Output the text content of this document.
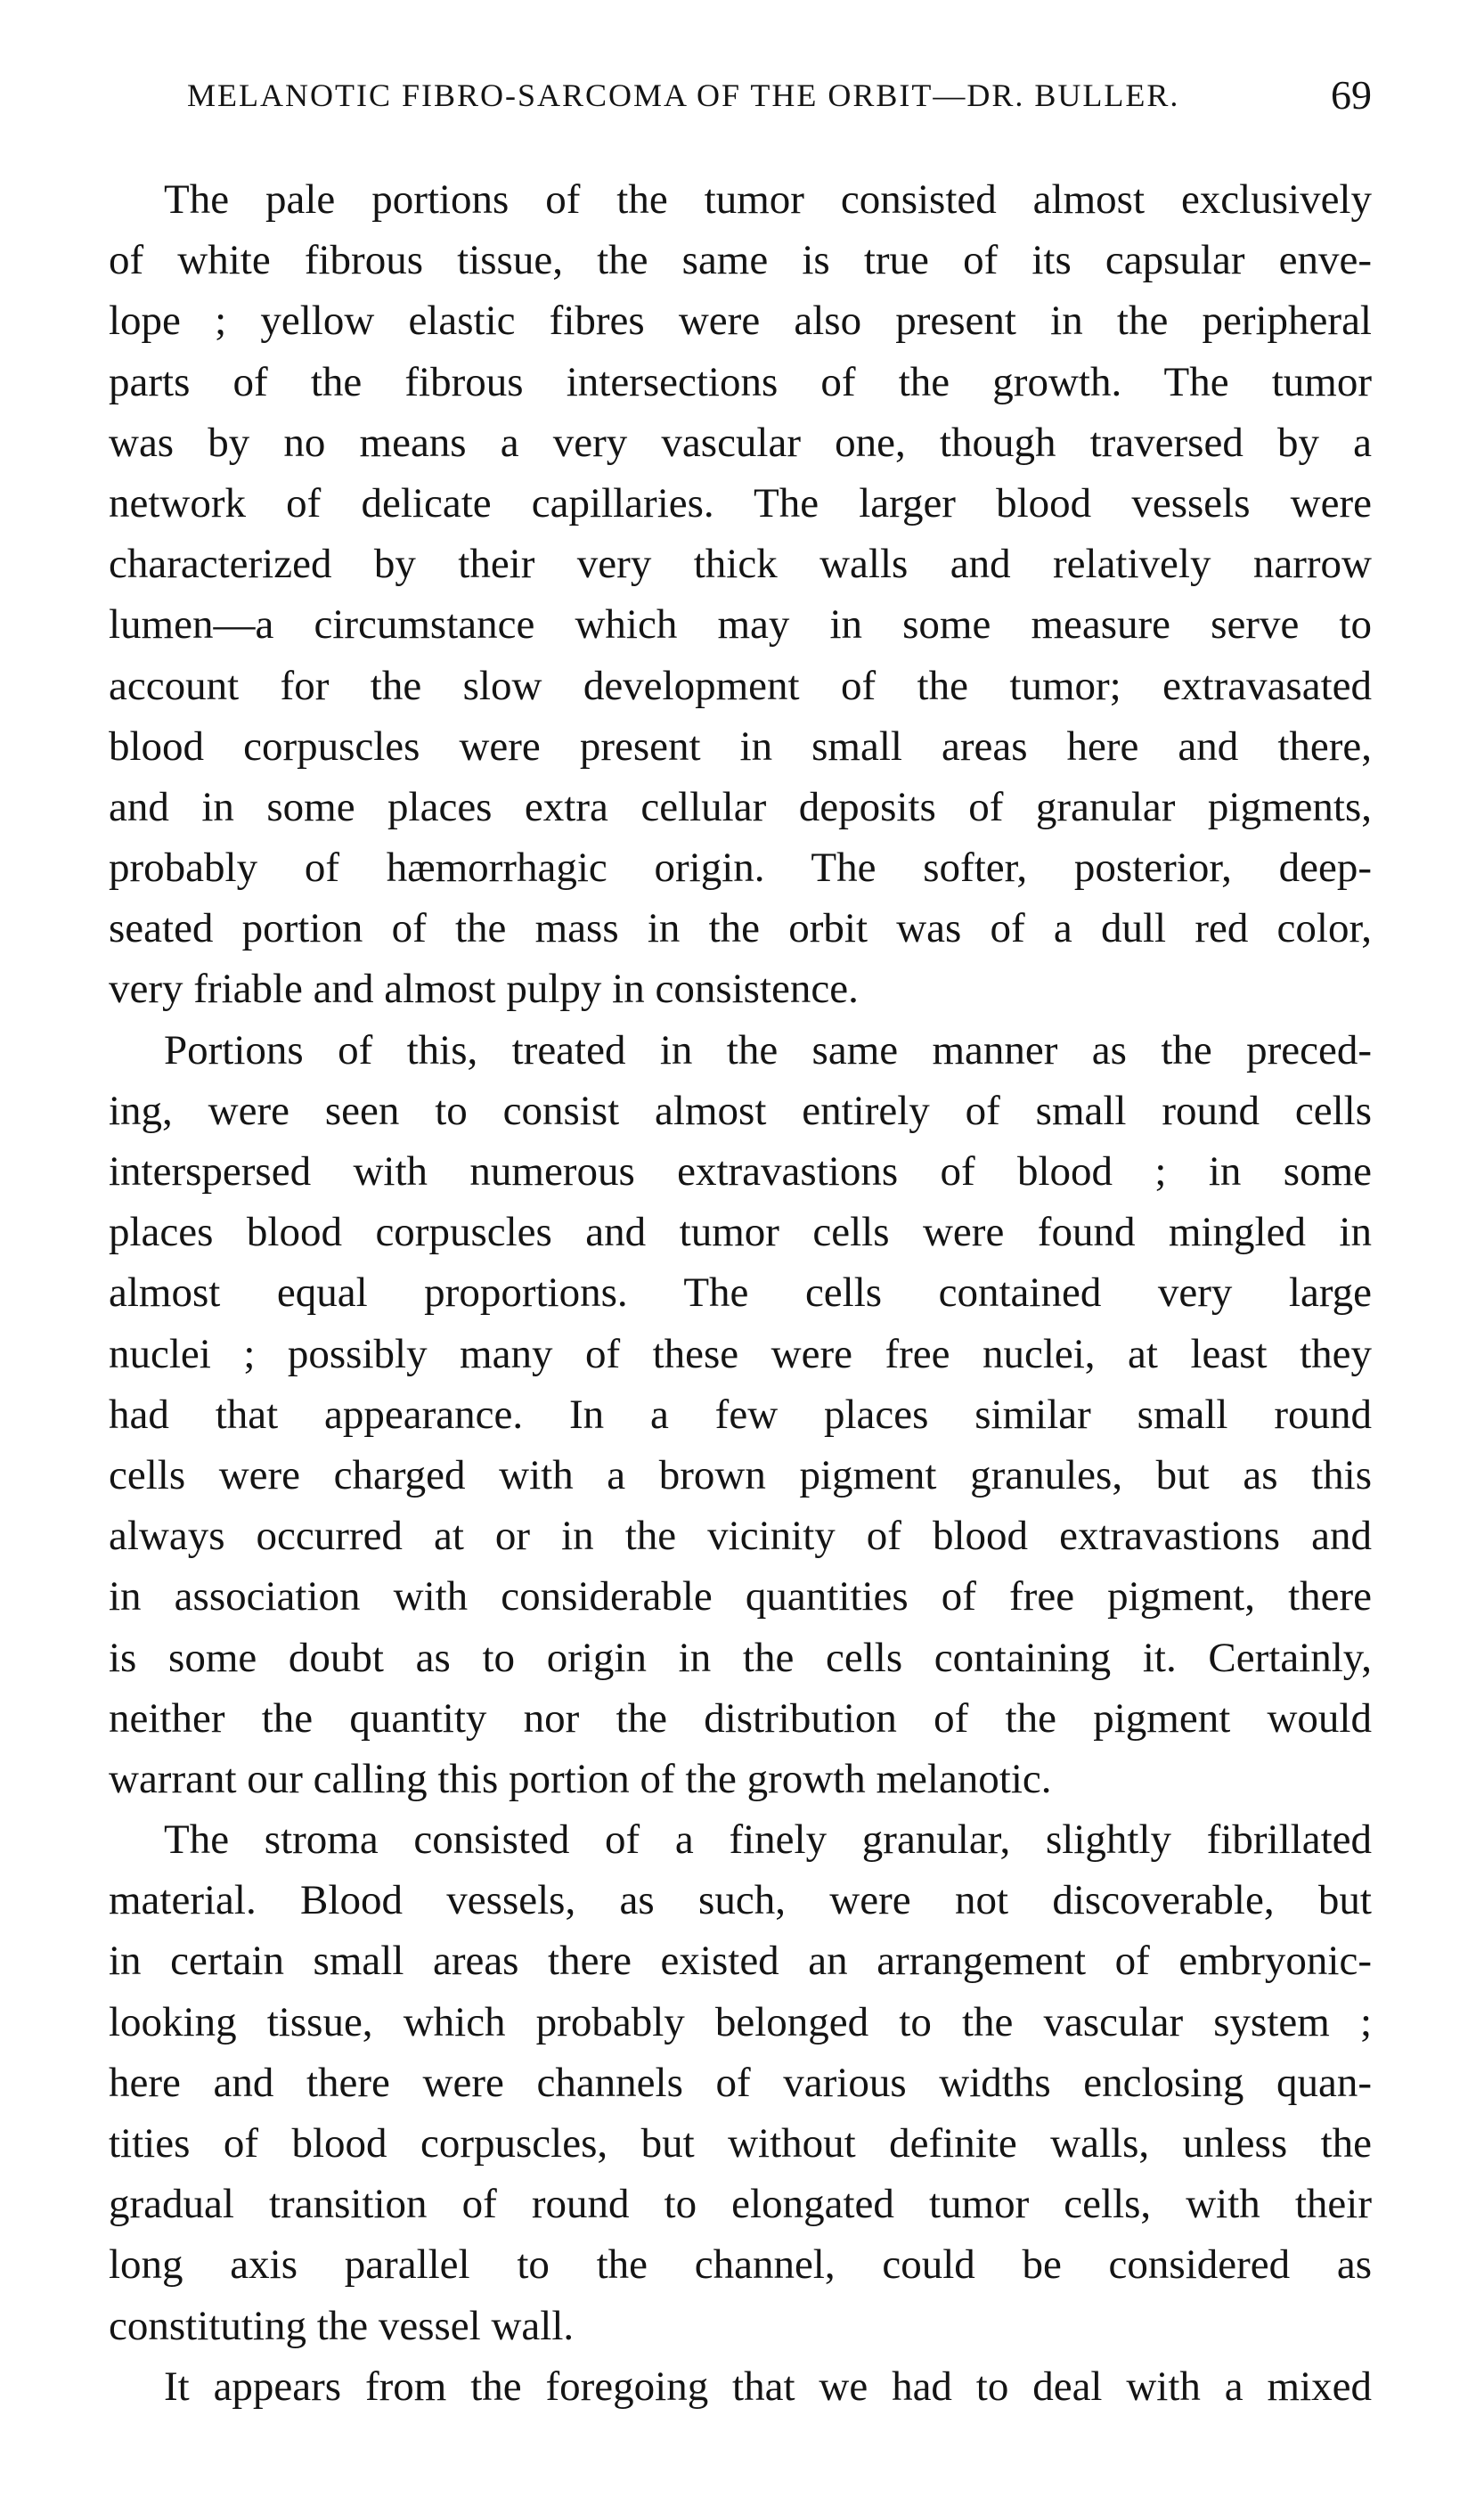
MELANOTIC FIBRO-SARCOMA OF THE ORBIT—DR. BULLER.	69
The pale portions of the tumor consisted almost exclusively
of white fibrous tissue, the same is true of its capsular enve-
lope ; yellow elastic fibres were also present in the peripheral
parts of the fibrous intersections of the growth. The tumor
was by no means a very vascular one, though traversed by a
network of delicate capillaries. The larger blood vessels were
characterized by their very thick walls and relatively narrow
lumen—a circumstance which may in some measure serve to
account for the slow development of the tumor; extravasated
blood corpuscles were present in small areas here and there,
and in some places extra cellular deposits of granular pigments,
probably of hæmorrhagic origin. The softer, posterior, deep-
seated portion of the mass in the orbit was of a dull red color,
very friable and almost pulpy in consistence.
Portions of this, treated in the same manner as the preced-
ing, were seen to consist almost entirely of small round cells
interspersed with numerous extravastions of blood ; in some
places blood corpuscles and tumor cells were found mingled in
almost equal proportions. The cells contained very large
nuclei ; possibly many of these were free nuclei, at least they
had that appearance. In a few places similar small round
cells were charged with a brown pigment granules, but as this
always occurred at or in the vicinity of blood extravastions and
in association with considerable quantities of free pigment, there
is some doubt as to origin in the cells containing it. Certainly,
neither the quantity nor the distribution of the pigment would
warrant our calling this portion of the growth melanotic.
The stroma consisted of a finely granular, slightly fibrillated
material. Blood vessels, as such, were not discoverable, but
in certain small areas there existed an arrangement of embryonic-
looking tissue, which probably belonged to the vascular system ;
here and there were channels of various widths enclosing quan-
tities of blood corpuscles, but without definite walls, unless the
gradual transition of round to elongated tumor cells, with their
long axis parallel to the channel, could be considered as
constituting the vessel wall.
It appears from the foregoing that we had to deal with a mixed
